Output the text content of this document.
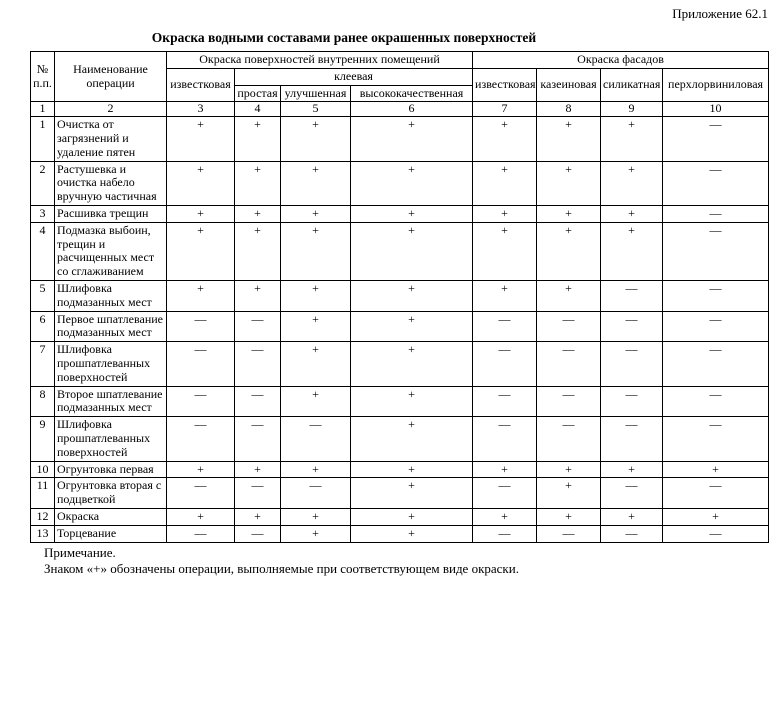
Приложение 62.1
Окраска водными составами ранее окрашенных поверхностей
№ п.п.	Наименование операции	Окраска поверхностей внутренних помещений				Окраска фасадов			
		известковая	клеевая			известковая	казеиновая	силикатная	перхлорвиниловая
			простая	улучшенная	высококачественная				
1	2	3	4	5	6	7	8	9	10
1	Очистка от загрязнений и удаление пятен	+	+	+	+	+	+	+	—
2	Растушевка и очистка набело вручную частичная	+	+	+	+	+	+	+	—
3	Расшивка трещин	+	+	+	+	+	+	+	—
4	Подмазка выбоин, трещин и расчищенных мест со сглаживанием	+	+	+	+	+	+	+	—
5	Шлифовка подмазанных мест	+	+	+	+	+	+	—	—
6	Первое шпатлевание подмазанных мест	—	—	+	+	—	—	—	—
7	Шлифовка прошпатлеванных поверхностей	—	—	+	+	—	—	—	—
8	Второе шпатлевание подмазанных мест	—	—	+	+	—	—	—	—
9	Шлифовка прошпатлеванных поверхностей	—	—	—	+	—	—	—	—
10	Огрунтовка первая	+	+	+	+	+	+	+	+
11	Огрунтовка вторая с подцветкой	—	—	—	+	—	+	—	—
12	Окраска	+	+	+	+	+	+	+	+
13	Торцевание	—	—	+	+	—	—	—	—
Примечание.
Знаком «+» обозначены операции, выполняемые при соответствующем виде окраски.
